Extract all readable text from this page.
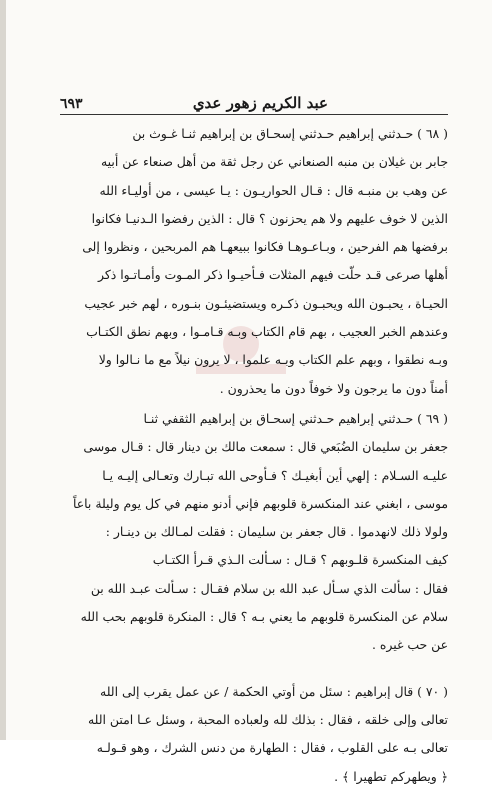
عبد الكريم زهور عدي
٦٩٣

( ٦٨ ) حـدثني إبراهيم حـدثني إسحـاق بن إبراهيم ثنـا غـوث بن
جابر بن غيلان بن منبه الصنعاني عن رجل ثقة من أهل صنعاء عن أبيه
عن وهب بن منبـه قال : قـال الحواريـون : يـا عيسى ، من أوليـاء الله
الذين لا خوف عليهم ولا هم يحزنون ؟ قال : الذين رفضوا الـدنيـا فكانوا
برفضها هم الفرحين ، وبـاعـوهـا فكانوا ببيعهـا هم المربحين ، ونظروا إلى
أهلها صرعى قـد حلّت فيهم المثلات فـأحيـوا ذكر المـوت وأمـاتـوا ذكر
الحيـاة ، يحبـون الله ويحبـون ذكـره ويستضيئـون بنـوره ، لهم خبر عجيب
وعندهم الخبر العجيب ، بهم قام الكتاب وبـه قـامـوا ، وبهم نطق الكتـاب
وبـه نطقوا ، وبهم علم الكتاب وبـه علموا ، لا يرون نيلاً مع ما نـالوا ولا
أمناً دون ما يرجون ولا خوفاً دون ما يحذرون .

( ٦٩ ) حـدثني إبراهيم حـدثني إسحـاق بن إبراهيم الثقفي ثنـا
جعفر بن سليمان الضُبَعي قال : سمعت مالك بن دينار قال : قـال موسى
عليـه السـلام : إلهي أين أبغيـك ؟ فـأوحى الله تبـارك وتعـالى إليـه يـا
موسى ، ابغني عند المنكسرة قلوبهم فإني أدنو منهم في كل يوم وليلة باعاً
ولولا ذلك لانهدموا . قال جعفر بن سليمان : فقلت لمـالك بن دينـار :
كيف المنكسرة قلـوبهم ؟ قـال : سـألت الـذي قـرأ الكتـاب
فقال : سألت الذي سـأل عبد الله بن سلام فقـال : سـألت عبـد الله بن
سلام عن المنكسرة قلوبهم ما يعني بـه ؟ قال : المنكرة قلوبهم بحب الله
عن حب غيره .

( ٧٠ ) قال إبراهيم : سئل من أوتي الحكمة / عن عمل يقرب إلى الله
تعالى وإلى خلقه ، فقال : بذلك لله ولعباده المحبة ، وسئل عـا امتن الله
تعالى بـه على القلوب ، فقال : الطهارة من دنس الشرك ، وهو قـولـه
﴿ ويطهركم تطهيرا ﴾ .
